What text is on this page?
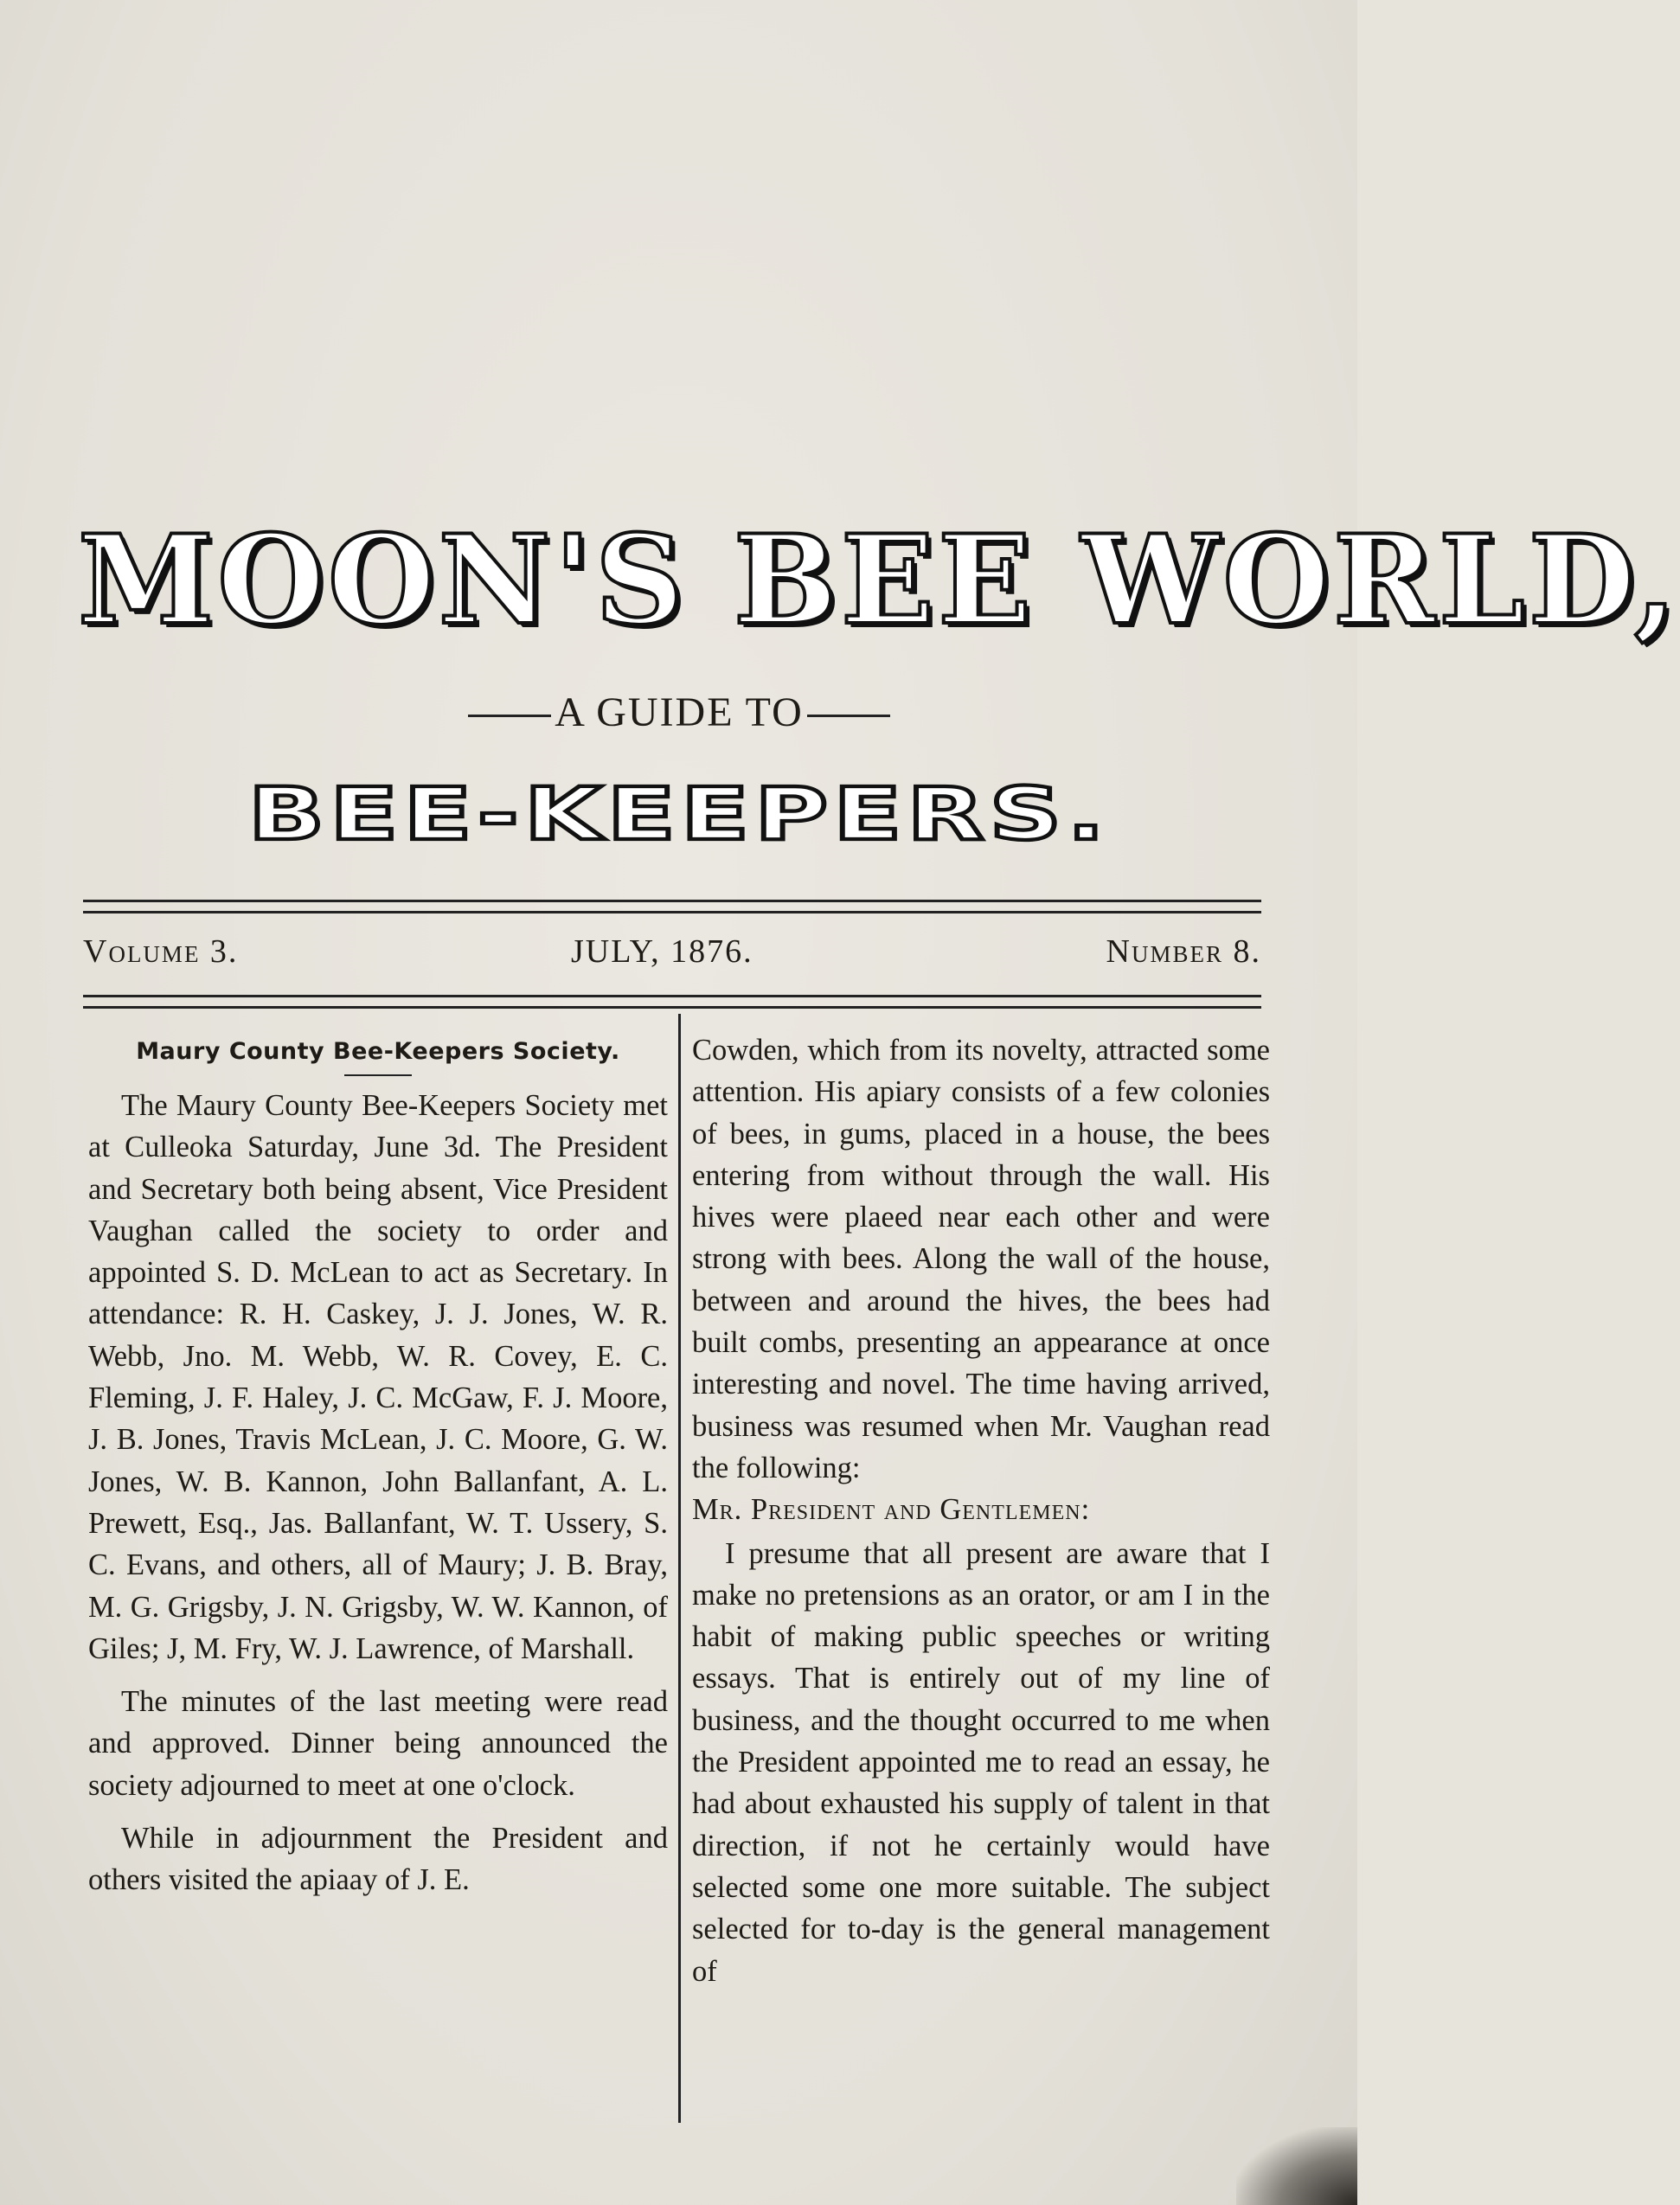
MOON'S BEE WORLD,
A GUIDE TO
BEE-KEEPERS.
Volume 3.	JULY, 1876.	Number 8.
Maury County Bee-Keepers Society.

The Maury County Bee-Keepers Society met at Culleoka Saturday, June 3d. The President and Secretary both being absent, Vice President Vaughan called the society to order and appointed S. D. McLean to act as Secretary. In attendance: R. H. Caskey, J. J. Jones, W. R. Webb, Jno. M. Webb, W. R. Covey, E. C. Fleming, J. F. Haley, J. C. McGaw, F. J. Moore, J. B. Jones, Travis McLean, J. C. Moore, G. W. Jones, W. B. Kannon, John Ballanfant, A. L. Prewett, Esq., Jas. Ballanfant, W. T. Ussery, S. C. Evans, and others, all of Maury; J. B. Bray, M. G. Grigsby, J. N. Grigsby, W. W. Kannon, of Giles; J, M. Fry, W. J. Lawrence, of Marshall.

The minutes of the last meeting were read and approved. Dinner being announced the society adjourned to meet at one o'clock.

While in adjournment the President and others visited the apiaay of J. E.

Cowden, which from its novelty, attracted some attention. His apiary consists of a few colonies of bees, in gums, placed in a house, the bees entering from without through the wall. His hives were plaeed near each other and were strong with bees. Along the wall of the house, between and around the hives, the bees had built combs, presenting an appearance at once interesting and novel. The time having arrived, business was resumed when Mr. Vaughan read the following:

Mr. President and Gentlemen:

I presume that all present are aware that I make no pretensions as an orator, or am I in the habit of making public speeches or writing essays. That is entirely out of my line of business, and the thought occurred to me when the President appointed me to read an essay, he had about exhausted his supply of talent in that direction, if not he certainly would have selected some one more suitable. The subject selected for to-day is the general management of
